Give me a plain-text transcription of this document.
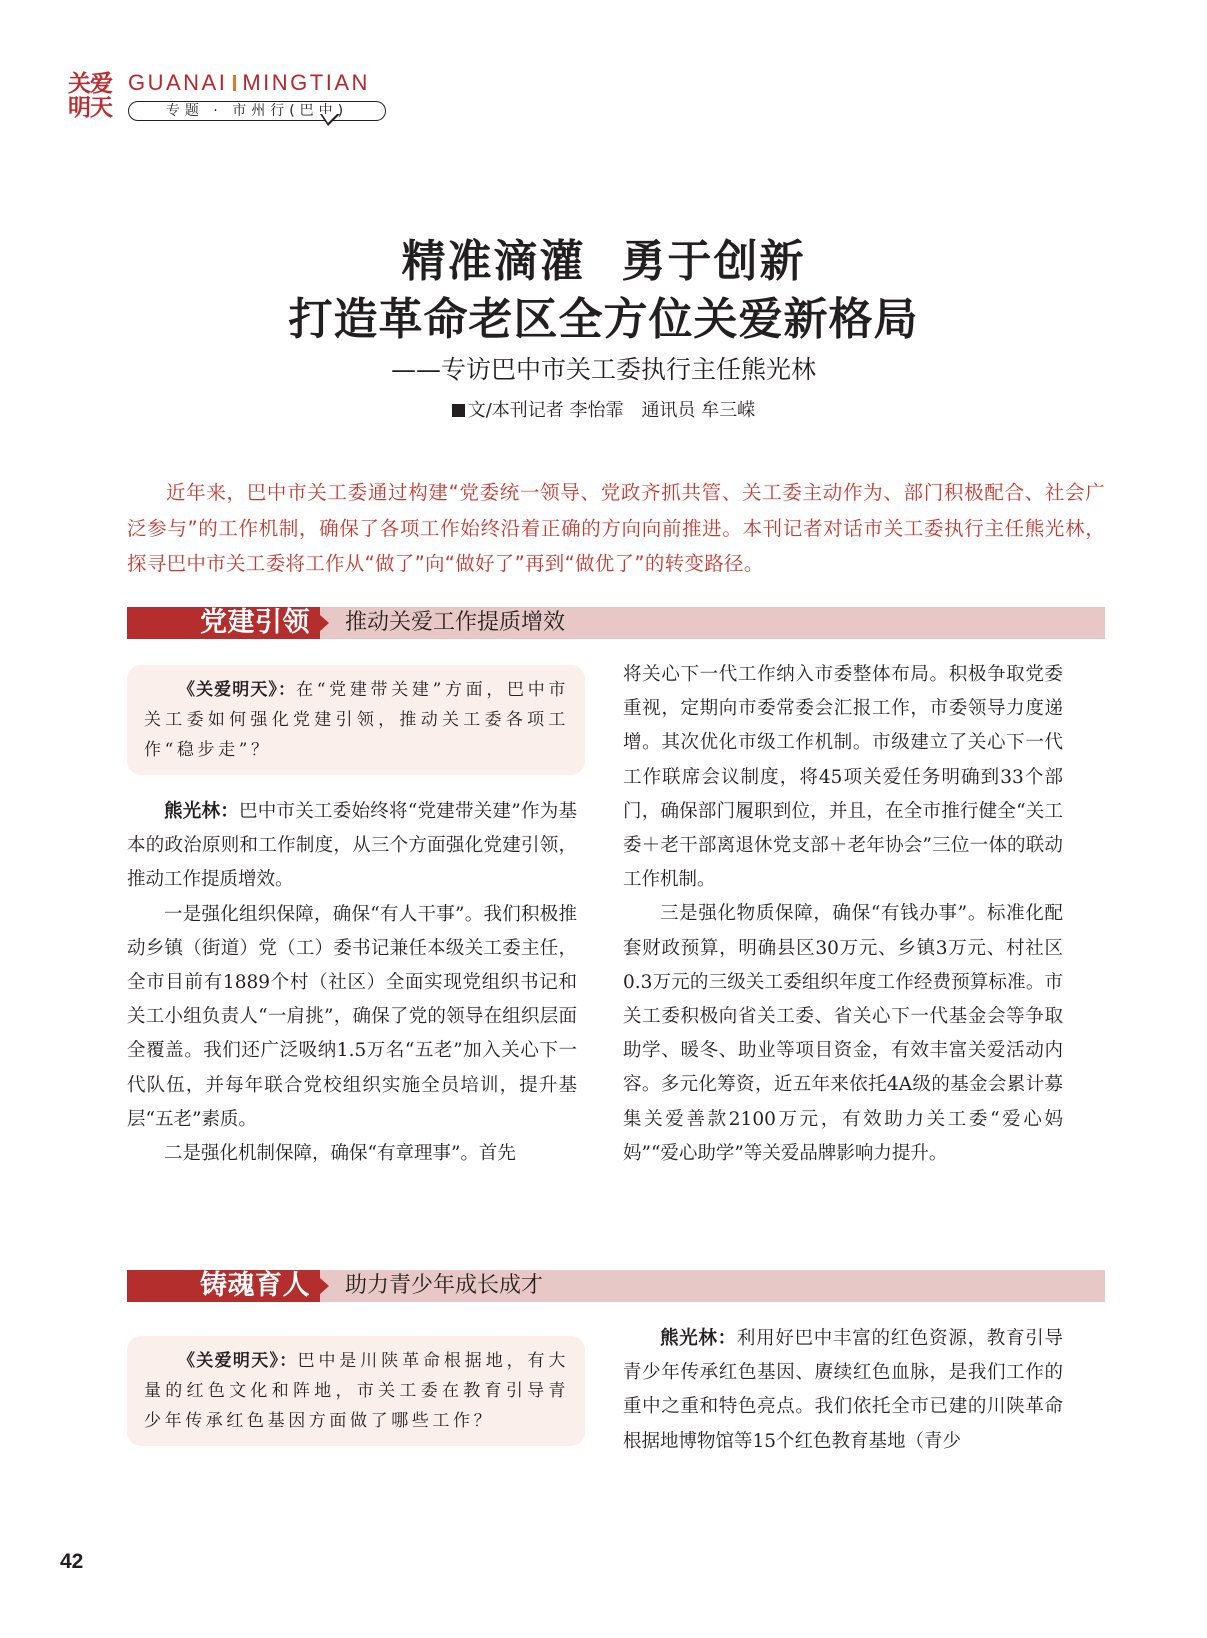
关爱
明天
GUANAI MINGTIAN
专题 · 市州行(巴中)
精准滴灌 勇于创新
打造革命老区全方位关爱新格局
——专访巴中市关工委执行主任熊光林
文/本刊记者 李怡霏 通讯员 牟三嵘
近年来，巴中市关工委通过构建“党委统一领导、党政齐抓共管、关工委主动作为、部门积极配合、社会广泛参与”的工作机制，确保了各项工作始终沿着正确的方向向前推进。本刊记者对话市关工委执行主任熊光林，探寻巴中市关工委将工作从“做了”向“做好了”再到“做优了”的转变路径。
党建引领	推动关爱工作提质增效

《关爱明天》：在“党建带关建”方面，巴中市关工委如何强化党建引领，推动关工委各项工作“稳步走”？

熊光林：巴中市关工委始终将“党建带关建”作为基本的政治原则和工作制度，从三个方面强化党建引领，推动工作提质增效。

一是强化组织保障，确保“有人干事”。我们积极推动乡镇（街道）党（工）委书记兼任本级关工委主任，全市目前有1889个村（社区）全面实现党组织书记和关工小组负责人“一肩挑”，确保了党的领导在组织层面全覆盖。我们还广泛吸纳1.5万名“五老”加入关心下一代队伍，并每年联合党校组织实施全员培训，提升基层“五老”素质。

二是强化机制保障，确保“有章理事”。首先

将关心下一代工作纳入市委整体布局。积极争取党委重视，定期向市委常委会汇报工作，市委领导力度递增。其次优化市级工作机制。市级建立了关心下一代工作联席会议制度，将45项关爱任务明确到33个部门，确保部门履职到位，并且，在全市推行健全“关工委＋老干部离退休党支部＋老年协会”三位一体的联动工作机制。

三是强化物质保障，确保“有钱办事”。标准化配套财政预算，明确县区30万元、乡镇3万元、村社区0.3万元的三级关工委组织年度工作经费预算标准。市关工委积极向省关工委、省关心下一代基金会等争取助学、暖冬、助业等项目资金，有效丰富关爱活动内容。多元化筹资，近五年来依托4A级的基金会累计募集关爱善款2100万元，有效助力关工委“爱心妈妈”“爱心助学”等关爱品牌影响力提升。

铸魂育人	助力青少年成长成才

《关爱明天》：巴中是川陕革命根据地，有大量的红色文化和阵地，市关工委在教育引导青少年传承红色基因方面做了哪些工作？

熊光林：利用好巴中丰富的红色资源，教育引导青少年传承红色基因、赓续红色血脉，是我们工作的重中之重和特色亮点。我们依托全市已建的川陕革命根据地博物馆等15个红色教育基地（青少

42
